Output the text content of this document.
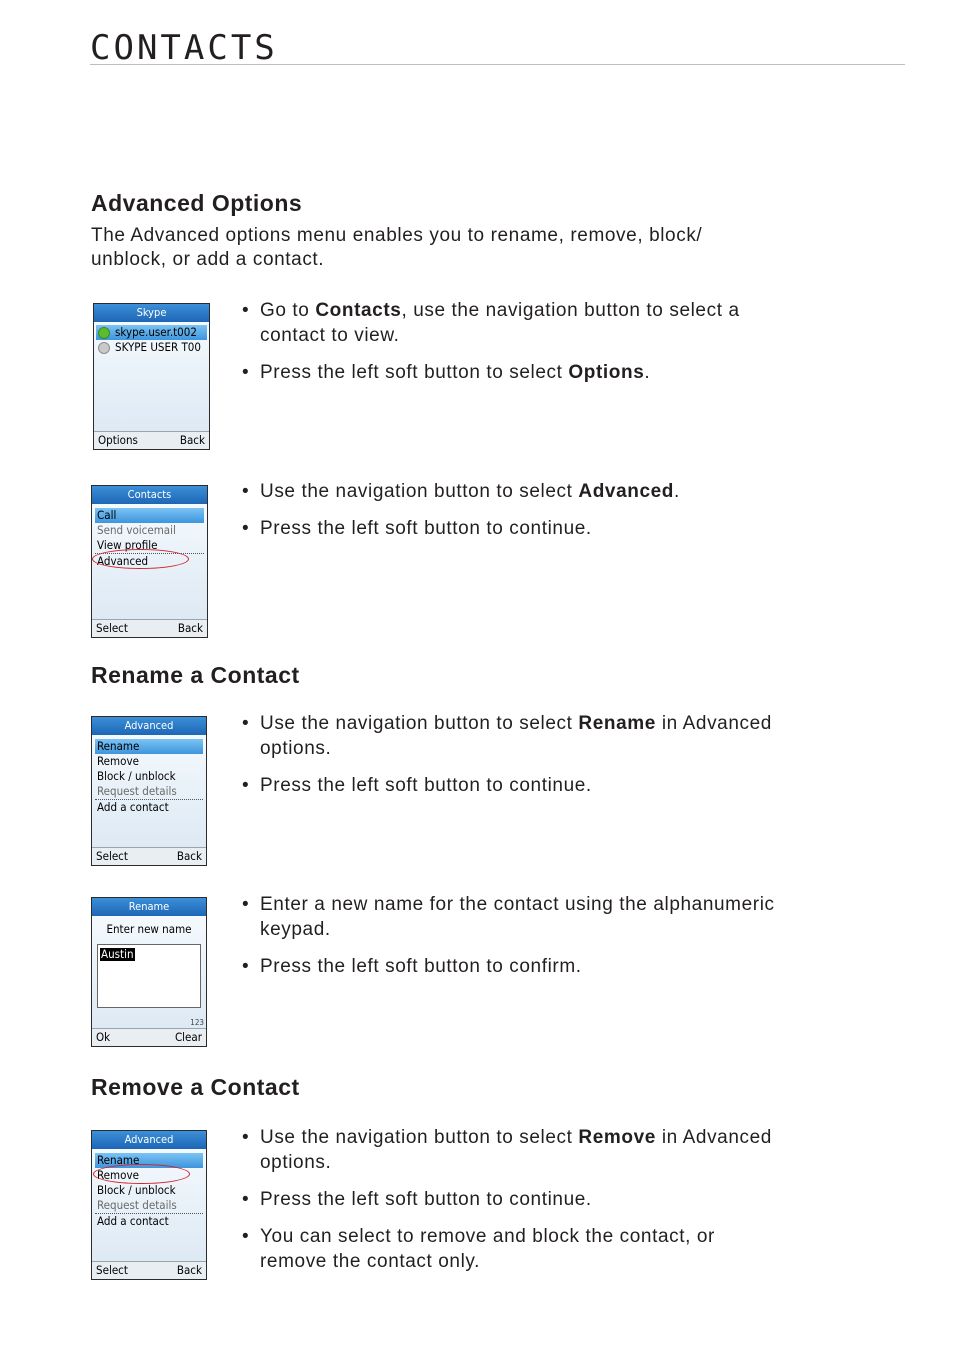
CONTACTS
Advanced Options

The Advanced options menu enables you to rename, remove, block/
unblock, or add a contact.

Skype
skype.user.t002
SKYPE USER T00
Options	Back
• Go to Contacts, use the navigation button to select a contact to view.
• Press the left soft button to select Options.
Contacts
Call
Send voicemail
View profile
Advanced
Select	Back
• Use the navigation button to select Advanced.
• Press the left soft button to continue.
Rename a Contact
Advanced
Rename
Remove
Block / unblock
Request details
Add a contact
Select	Back
• Use the navigation button to select Rename in Advanced options.
• Press the left soft button to continue.
Rename
Enter new name
Austin
123
Ok	Clear
• Enter a new name for the contact using the alphanumeric keypad.
• Press the left soft button to confirm.
Remove a Contact
Advanced
Rename
Remove
Block / unblock
Request details
Add a contact
Select	Back
• Use the navigation button to select Remove in Advanced options.
• Press the left soft button to continue.
• You can select to remove and block the contact, or remove the contact only.
